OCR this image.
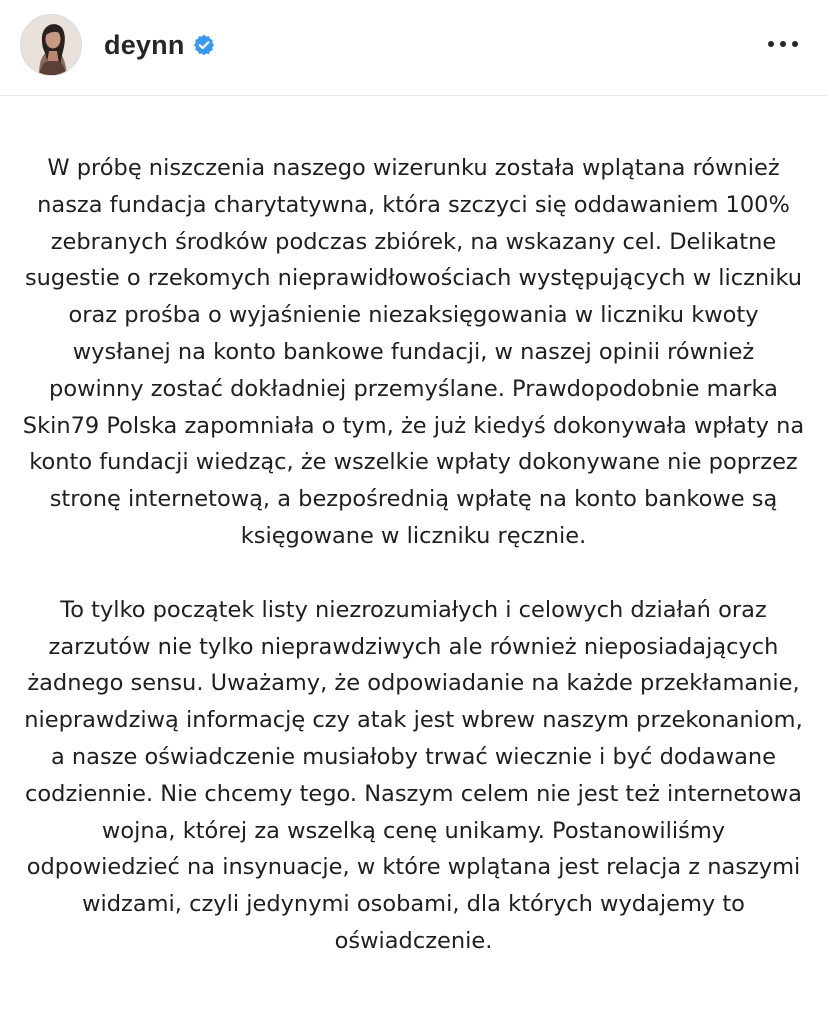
deynn
W próbę niszczenia naszego wizerunku została wplątana również
nasza fundacja charytatywna, która szczyci się oddawaniem 100%
zebranych środków podczas zbiórek, na wskazany cel. Delikatne
sugestie o rzekomych nieprawidłowościach występujących w liczniku
oraz prośba o wyjaśnienie niezaksięgowania w liczniku kwoty
wysłanej na konto bankowe fundacji, w naszej opinii również
powinny zostać dokładniej przemyślane. Prawdopodobnie marka
Skin79 Polska zapomniała o tym, że już kiedyś dokonywała wpłaty na
konto fundacji wiedząc, że wszelkie wpłaty dokonywane nie poprzez
stronę internetową, a bezpośrednią wpłatę na konto bankowe są
księgowane w liczniku ręcznie.
To tylko początek listy niezrozumiałych i celowych działań oraz
zarzutów nie tylko nieprawdziwych ale również nieposiadających
żadnego sensu. Uważamy, że odpowiadanie na każde przekłamanie,
nieprawdziwą informację czy atak jest wbrew naszym przekonaniom,
a nasze oświadczenie musiałoby trwać wiecznie i być dodawane
codziennie. Nie chcemy tego. Naszym celem nie jest też internetowa
wojna, której za wszelką cenę unikamy. Postanowiliśmy
odpowiedzieć na insynuacje, w które wplątana jest relacja z naszymi
widzami, czyli jedynymi osobami, dla których wydajemy to
oświadczenie.
